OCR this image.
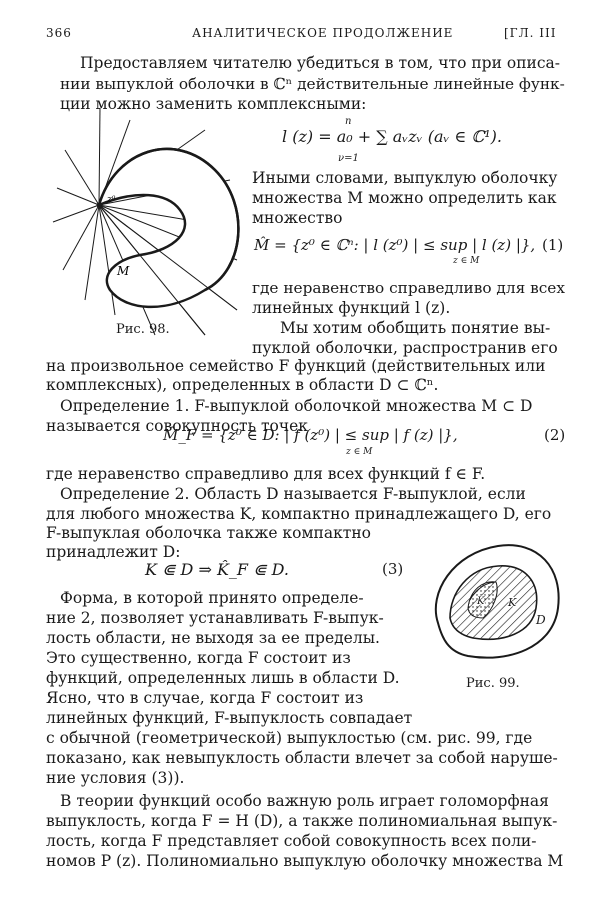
366	АНАЛИТИЧЕСКОЕ ПРОДОЛЖЕНИЕ	[ГЛ. III
Предоставляем читателю убедиться в том, что при описа-
нии выпуклой оболочки в ℂⁿ действительные линейные функ-
ции можно заменить комплексными:
l (z) = a₀ + ∑ aᵥzᵥ (aᵥ ∈ ℂ¹).
n
ν=1
M
z⁰
Рис. 98.
Иными словами, выпуклую оболочку
множества M можно определить как
множество
M̂ = {z⁰ ∈ ℂⁿ: | l (z⁰) | ≤ sup | l (z) |},
z ∈ M
(1)
где неравенство справедливо для всех
линейных функций l (z).
Мы хотим обобщить понятие вы-
пуклой оболочки, распространив его
на произвольное семейство F функций (действительных или
комплексных), определенных в области D ⊂ ℂⁿ.
Определение 1. F-выпуклой оболочкой множества M ⊂ D
называется совокупность точек
M̂_F = {z⁰ ∈ D: | f (z⁰) | ≤ sup | f (z) |},
z ∈ M
(2)
где неравенство справедливо для всех функций f ∈ F.
Определение 2. Область D называется F-выпуклой, если
для любого множества K, компактно принадлежащего D, его
F-выпуклая оболочка также компактно
принадлежит D:
K ⋐ D ⇒ K̂_F ⋐ D.	(3)
Форма, в которой принято определе-
ние 2, позволяет устанавливать F-выпук-
лость области, не выходя за ее пределы.
Это существенно, когда F состоит из
функций, определенных лишь в области D.
Ясно, что в случае, когда F состоит из
линейных функций, F-выпуклость совпадает
с обычной (геометрической) выпуклостью (см. рис. 99, где
показано, как невыпуклость области влечет за собой наруше-
ние условия (3)).
K K
D
Рис. 99.
В теории функций особо важную роль играет голоморфная
выпуклость, когда F = H (D), а также полиномиальная выпук-
лость, когда F представляет собой совокупность всех поли-
номов P (z). Полиномиально выпуклую оболочку множества M
